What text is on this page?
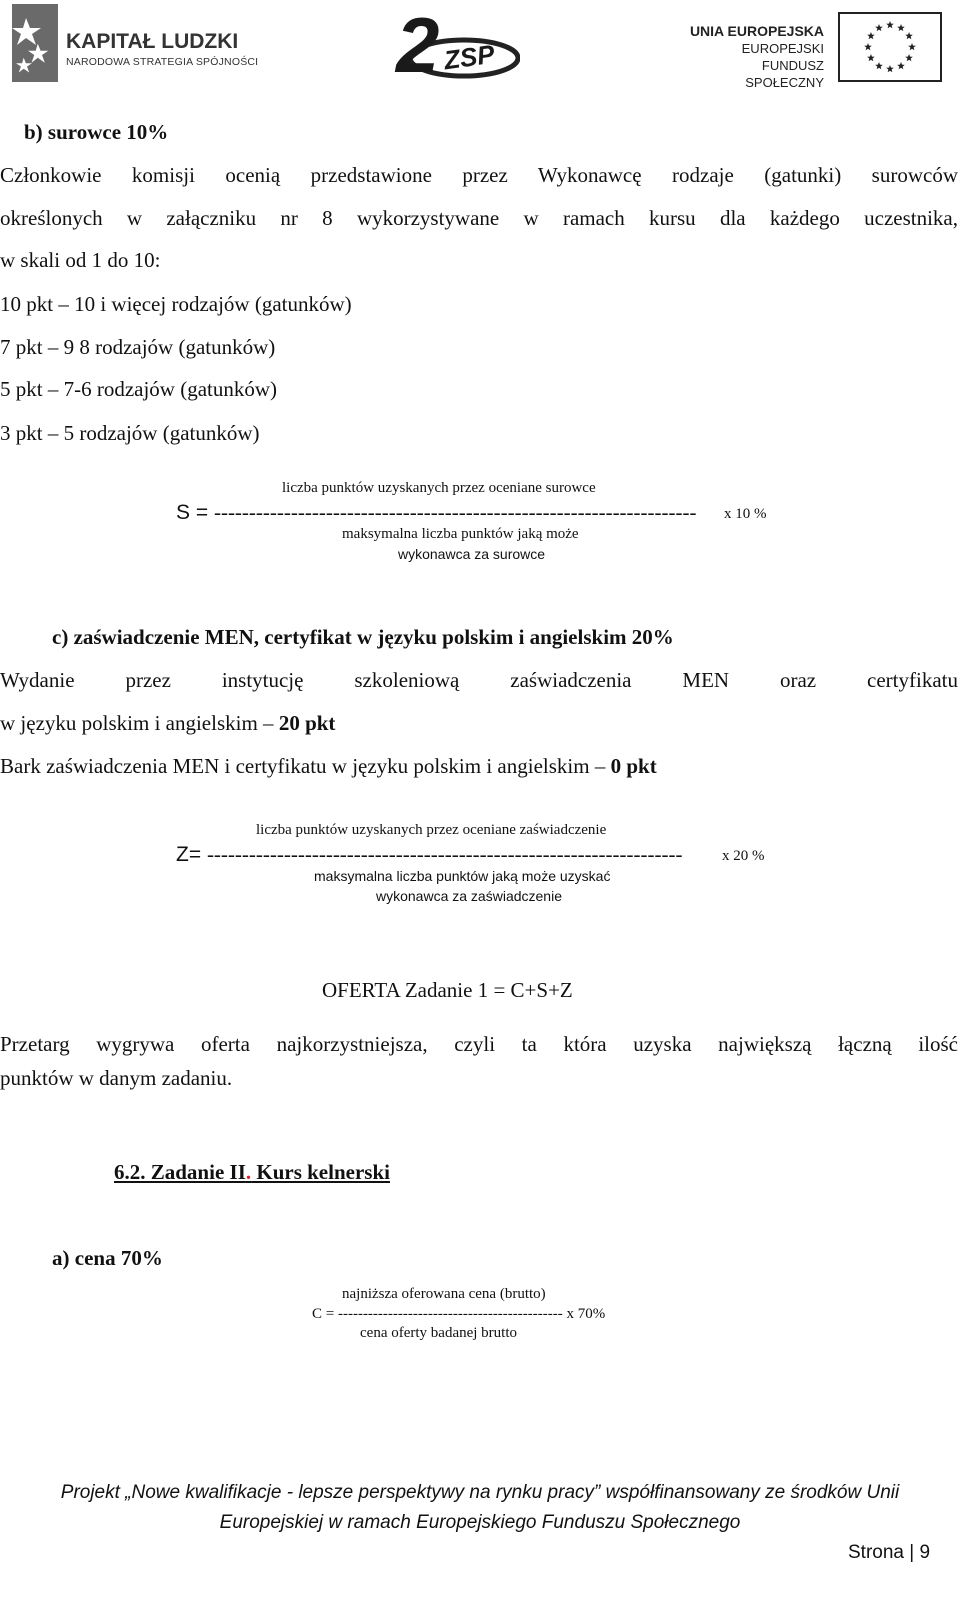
KAPITAŁ LUDZKI
NARODOWA STRATEGIA SPÓJNOŚCI 2 ZSP
UNIA EUROPEJSKA
EUROPEJSKI
FUNDUSZ SPOŁECZNY
b) surowce 10%
Członkowie komisji ocenią przedstawione przez Wykonawcę rodzaje (gatunki) surowców
określonych w załączniku nr 8 wykorzystywane w ramach kursu dla każdego uczestnika,
w skali od 1 do 10:
10 pkt – 10 i więcej rodzajów (gatunków)
7 pkt – 9 8 rodzajów (gatunków)
5 pkt – 7-6 rodzajów (gatunków)
3 pkt – 5 rodzajów (gatunków)
liczba punktów uzyskanych przez oceniane surowce
S = --------------------------------------------------------------------- x 10 %
maksymalna liczba punktów jaką może
wykonawca za surowce
c) zaświadczenie MEN, certyfikat w języku polskim i angielskim 20%
Wydanie przez instytucję szkoleniową zaświadczenia MEN oraz certyfikatu
w języku polskim i angielskim – 20 pkt
Bark zaświadczenia MEN i certyfikatu w języku polskim i angielskim – 0 pkt
liczba punktów uzyskanych przez oceniane zaświadczenie
Z= --------------------------------------------------------------------	x 20 %
maksymalna liczba punktów jaką może uzyskać
wykonawca za zaświadczenie
OFERTA Zadanie 1 = C+S+Z
Przetarg wygrywa oferta najkorzystniejsza, czyli ta która uzyska największą łączną ilość
punktów w danym zadaniu.
6.2. Zadanie II. Kurs kelnerski
a) cena 70%
najniższa oferowana cena (brutto)
C = --------------------------------------------- x 70%
cena oferty badanej brutto
Projekt „Nowe kwalifikacje - lepsze perspektywy na rynku pracy” współfinansowany ze środków Unii
Europejskiej w ramach Europejskiego Funduszu Społecznego
Strona | 9
